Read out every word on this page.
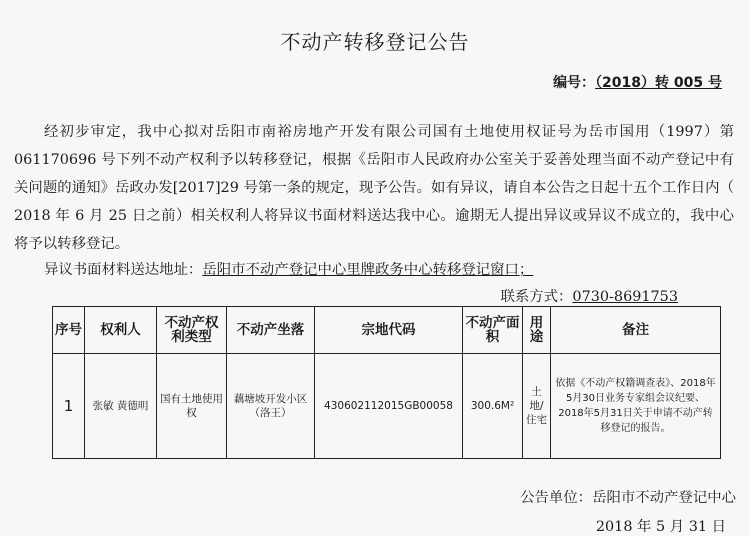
不动产转移登记公告
编号：（2018）转 005 号
经初步审定，我中心拟对岳阳市南裕房地产开发有限公司国有土地使用权证号为岳市国用（1997）第 061170696 号下列不动产权利予以转移登记，根据《岳阳市人民政府办公室关于妥善处理当面不动产登记中有关问题的通知》岳政办发[2017]29 号第一条的规定，现予公告。如有异议，请自本公告之日起十五个工作日内（ 2018 年 6 月 25 日之前）相关权利人将异议书面材料送达我中心。逾期无人提出异议或异议不成立的，我中心将予以转移登记。
异议书面材料送达地址：岳阳市不动产登记中心里牌政务中心转移登记窗口；
联系方式：0730-8691753
序号	权利人	不动产权利类型	不动产坐落	宗地代码	不动产面积	用途	备注
1	张敏 黄德明	国有土地使用权	藕塘坡开发小区（洛王）	430602112015GB00058	300.6M²	土地/住宅	依据《不动产权籍调查表》、2018年5月30日业务专家组会议纪要、2018年5月31日关于申请不动产转移登记的报告。
公告单位：岳阳市不动产登记中心
2018 年 5 月 31 日
